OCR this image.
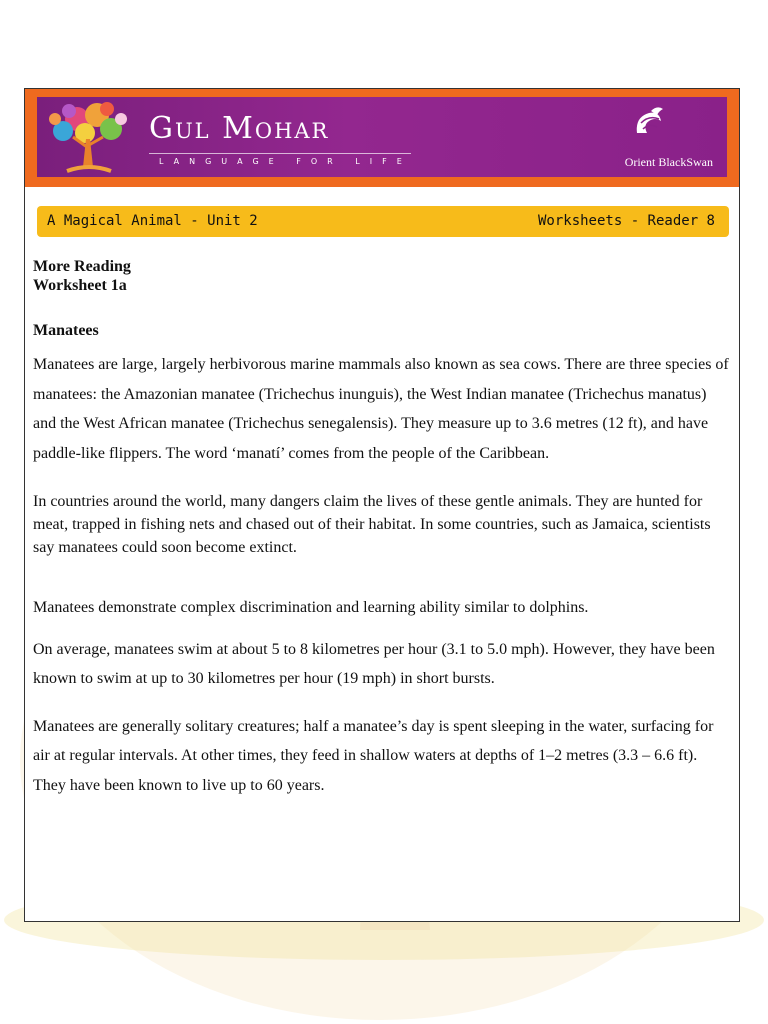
Gul Mohar
LANGUAGE FOR LIFE	Orient BlackSwan
A Magical Animal - Unit 2	Worksheets - Reader 8
More Reading
Worksheet 1a
Manatees

Manatees are large, largely herbivorous marine mammals also known as sea cows. There are three species of manatees: the Amazonian manatee (Trichechus inunguis), the West Indian manatee (Trichechus manatus) and the West African manatee (Trichechus senegalensis). They measure up to 3.6 metres (12 ft), and have paddle-like flippers. The word ‘manatí’ comes from the people of the Caribbean.

In countries around the world, many dangers claim the lives of these gentle animals. They are hunted for meat, trapped in fishing nets and chased out of their habitat. In some countries, such as Jamaica, scientists say manatees could soon become extinct.

Manatees demonstrate complex discrimination and learning ability similar to dolphins.

On average, manatees swim at about 5 to 8 kilometres per hour (3.1 to 5.0 mph). However, they have been known to swim at up to 30 kilometres per hour (19 mph) in short bursts.

Manatees are generally solitary creatures; half a manatee’s day is spent sleeping in the water, surfacing for air at regular intervals. At other times, they feed in shallow waters at depths of 1–2 metres (3.3 – 6.6 ft). They have been known to live up to 60 years.
